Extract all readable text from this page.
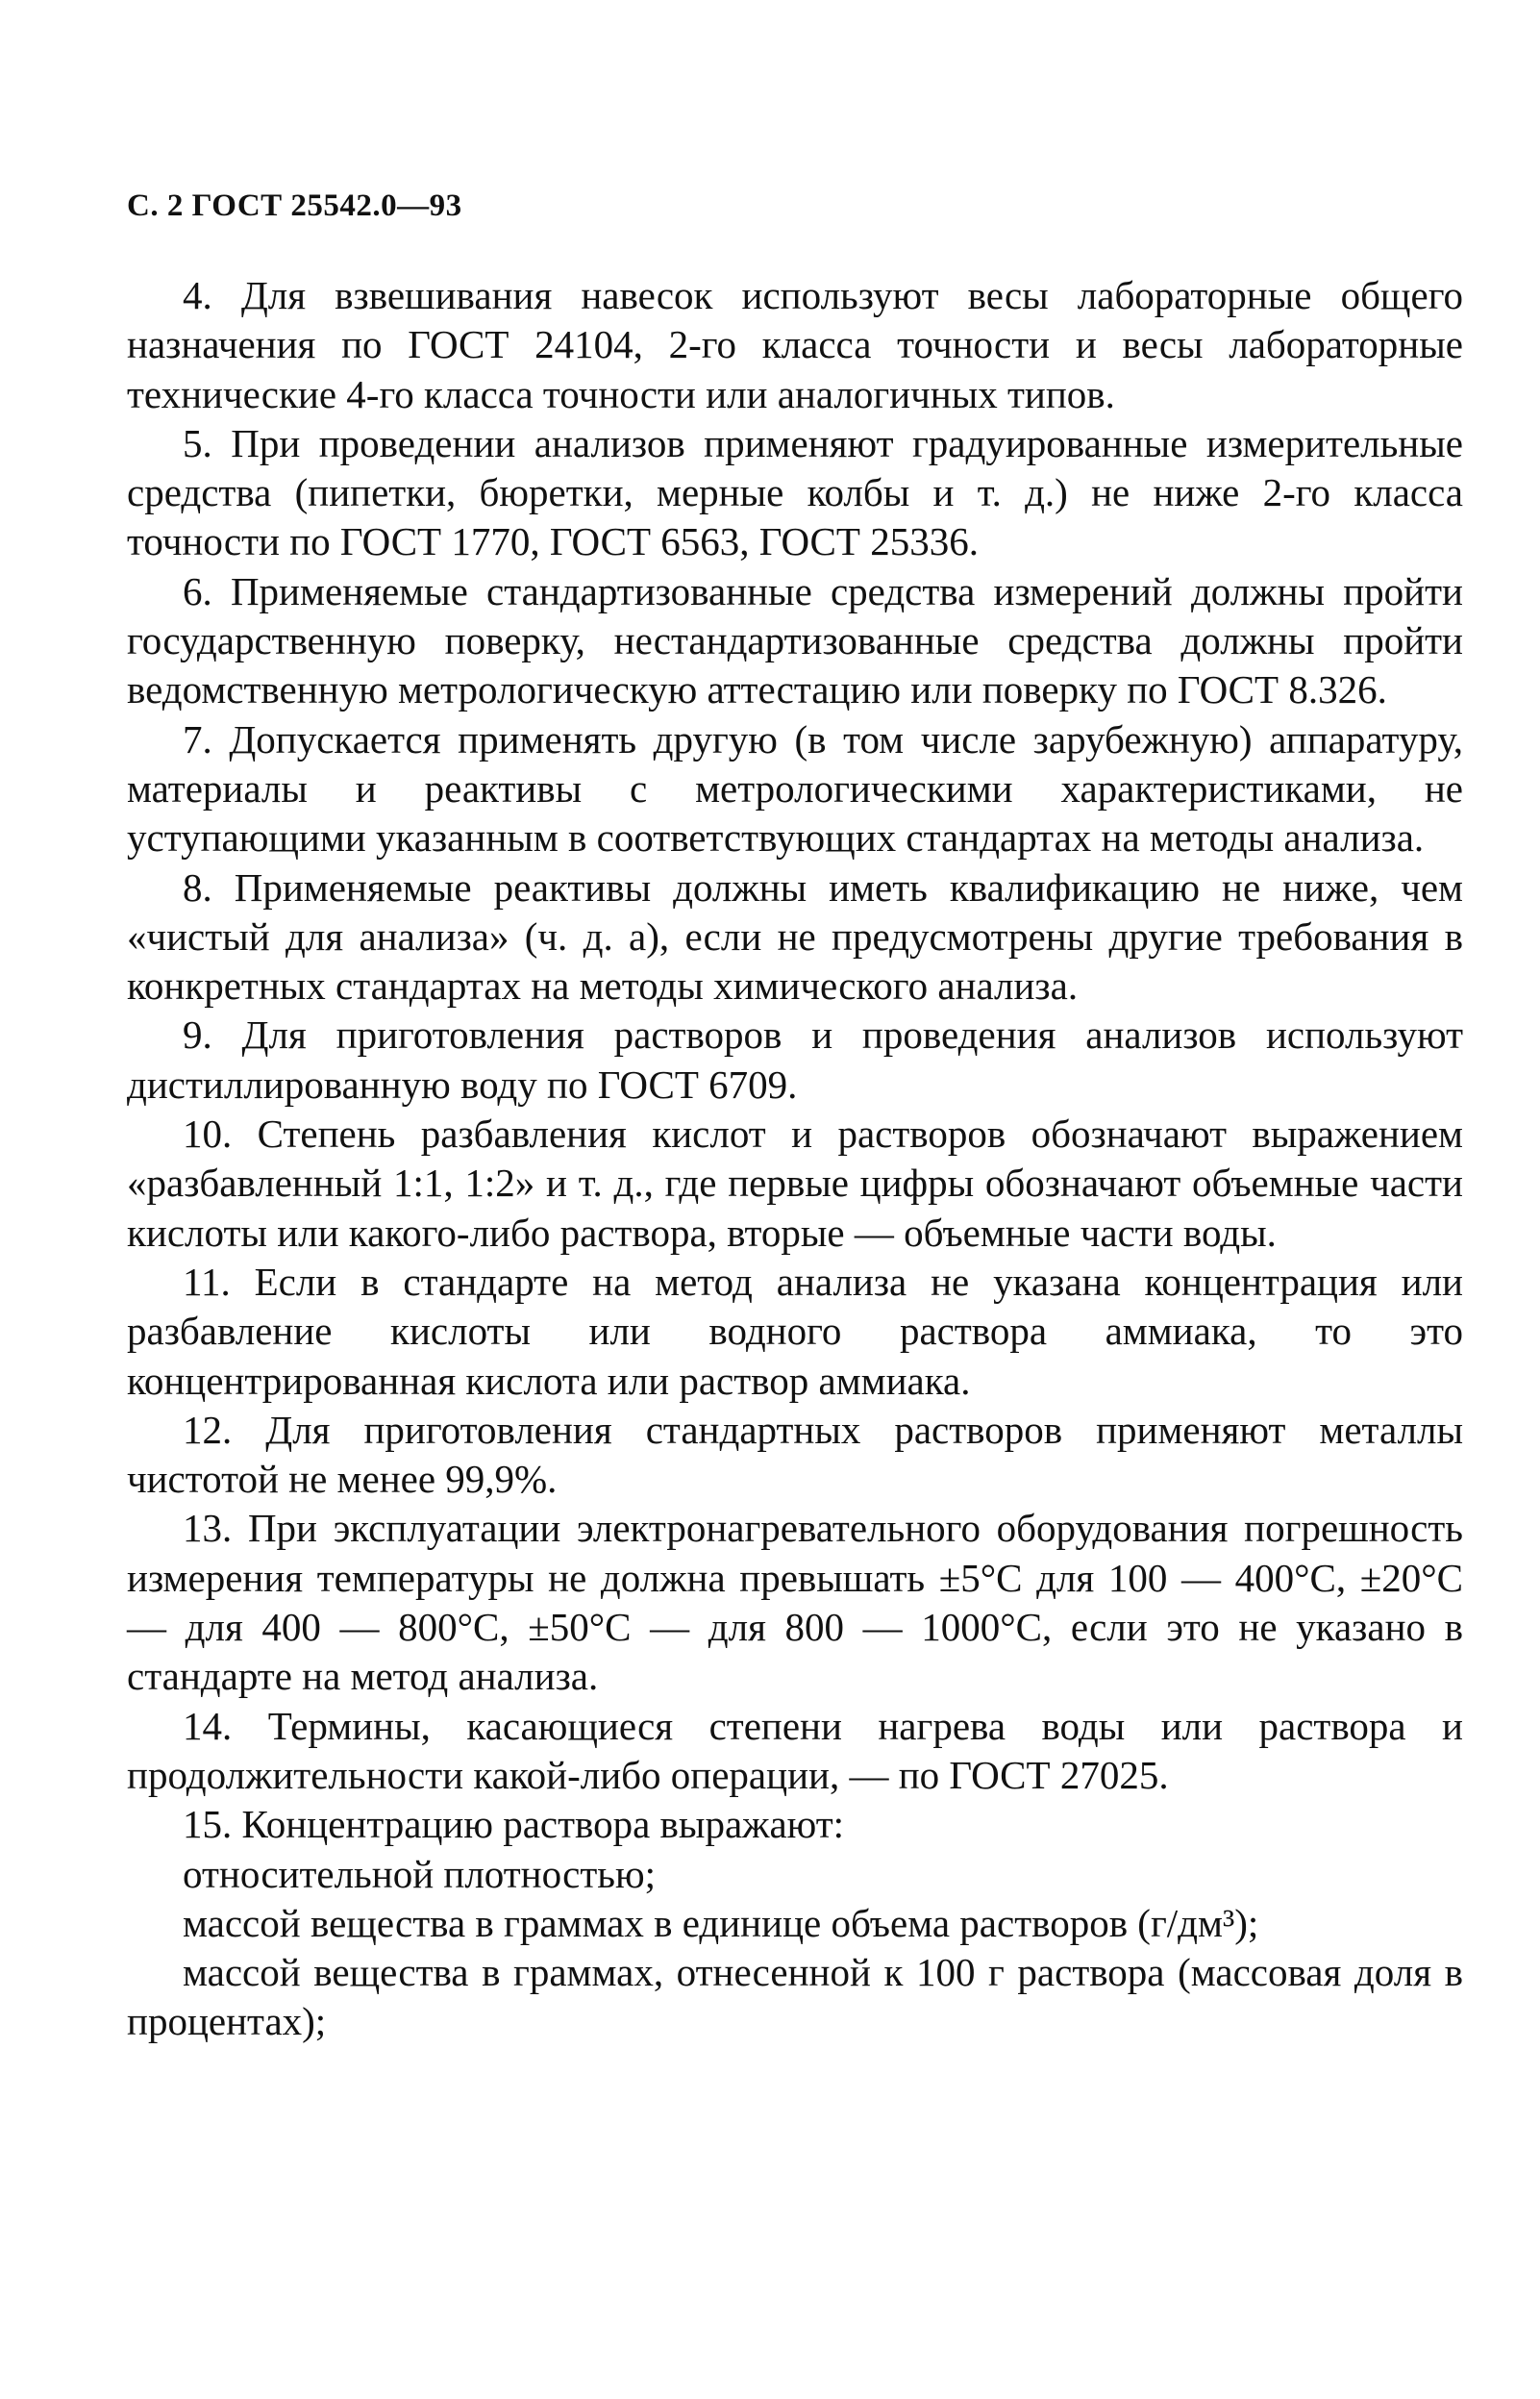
С. 2 ГОСТ 25542.0—93

4. Для взвешивания навесок используют весы лабораторные общего назначения по ГОСТ 24104, 2-го класса точности и весы лабораторные технические 4-го класса точности или аналогичных типов.

5. При проведении анализов применяют градуированные измерительные средства (пипетки, бюретки, мерные колбы и т. д.) не ниже 2-го класса точности по ГОСТ 1770, ГОСТ 6563, ГОСТ 25336.

6. Применяемые стандартизованные средства измерений должны пройти государственную поверку, нестандартизованные средства должны пройти ведомственную метрологическую аттестацию или поверку по ГОСТ 8.326.

7. Допускается применять другую (в том числе зарубежную) аппаратуру, материалы и реактивы с метрологическими характеристиками, не уступающими указанным в соответствующих стандартах на методы анализа.

8. Применяемые реактивы должны иметь квалификацию не ниже, чем «чистый для анализа» (ч. д. а), если не предусмотрены другие требования в конкретных стандартах на методы химического анализа.

9. Для приготовления растворов и проведения анализов используют дистиллированную воду по ГОСТ 6709.

10. Степень разбавления кислот и растворов обозначают выражением «разбавленный 1:1, 1:2» и т. д., где первые цифры обозначают объемные части кислоты или какого-либо раствора, вторые — объемные части воды.

11. Если в стандарте на метод анализа не указана концентрация или разбавление кислоты или водного раствора аммиака, то это концентрированная кислота или раствор аммиака.

12. Для приготовления стандартных растворов применяют металлы чистотой не менее 99,9%.

13. При эксплуатации электронагревательного оборудования погрешность измерения температуры не должна превышать ±5°С для 100 — 400°С, ±20°С — для 400 — 800°С, ±50°С — для 800 — 1000°С, если это не указано в стандарте на метод анализа.

14. Термины, касающиеся степени нагрева воды или раствора и продолжительности какой-либо операции, — по ГОСТ 27025.

15. Концентрацию раствора выражают:

относительной плотностью;

массой вещества в граммах в единице объема растворов (г/дм³);

массой вещества в граммах, отнесенной к 100 г раствора (массовая доля в процентах);
